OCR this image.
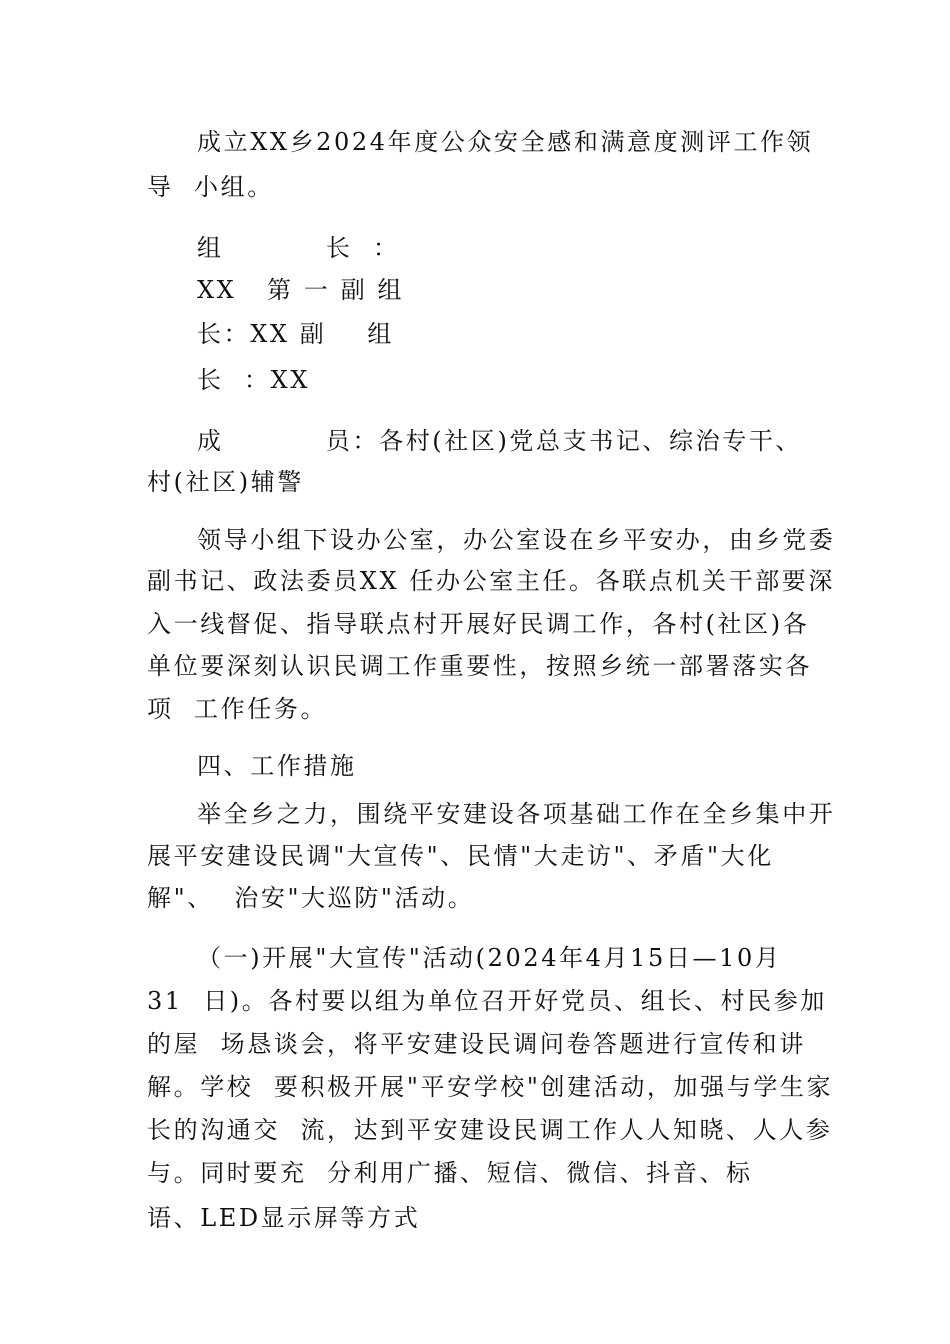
成立XX乡2024年度公众安全感和满意度测评工作领
导  小组。
组          长  ：
XX   第 一 副 组
长：XX 副    组
长  ：XX
成          员：各村(社区)党总支书记、综治专干、
村(社区)辅警
领导小组下设办公室，办公室设在乡平安办，由乡党委
副书记、政法委员XX 任办公室主任。各联点机关干部要深
入一线督促、指导联点村开展好民调工作，各村(社区)各
单位要深刻认识民调工作重要性，按照乡统一部署落实各
项  工作任务。
四、工作措施
举全乡之力，围绕平安建设各项基础工作在全乡集中开
展平安建设民调"大宣传"、民情"大走访"、矛盾"大化
解"、  治安"大巡防"活动。
（一)开展"大宣传"活动(2024年4月15日—10月
31  日)。各村要以组为单位召开好党员、组长、村民参加
的屋  场恳谈会，将平安建设民调问卷答题进行宣传和讲
解。学校  要积极开展"平安学校"创建活动，加强与学生家
长的沟通交  流，达到平安建设民调工作人人知晓、人人参
与。同时要充  分利用广播、短信、微信、抖音、标
语、LED显示屏等方式
